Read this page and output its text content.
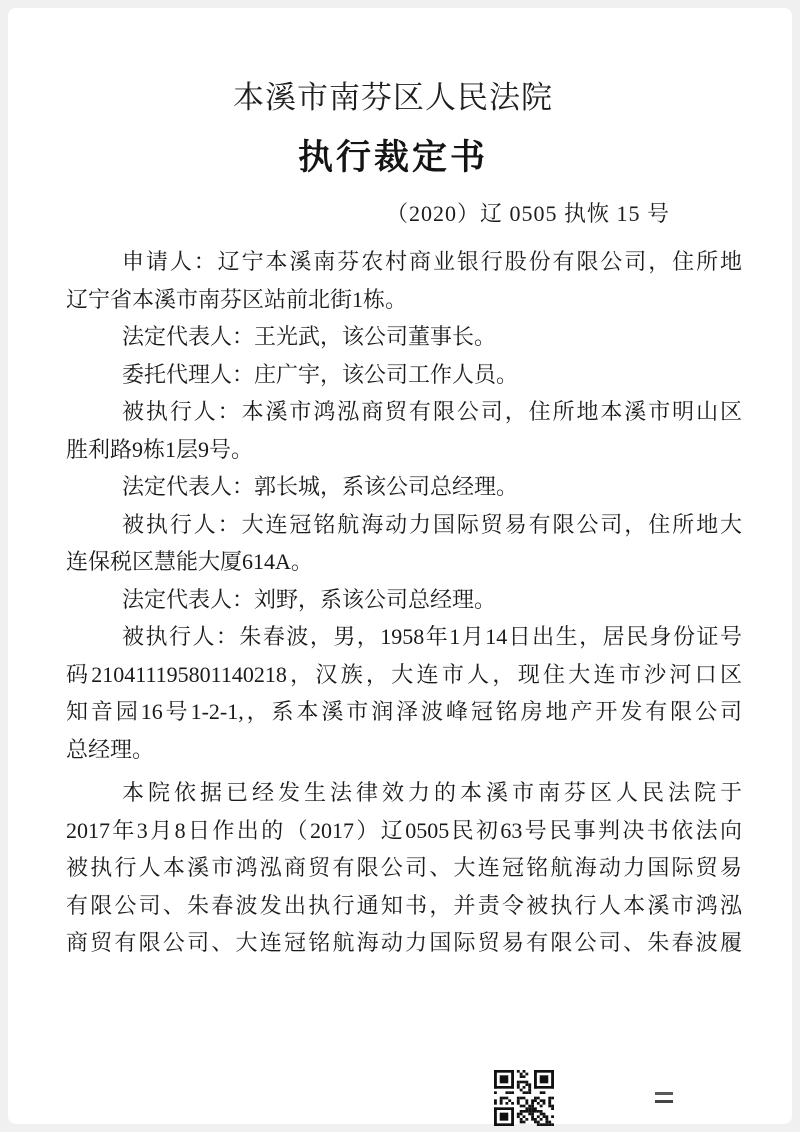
本溪市南芬区人民法院
执行裁定书
（2020）辽 0505 执恢 15 号
申请人：辽宁本溪南芬农村商业银行股份有限公司，住所地
辽宁省本溪市南芬区站前北街1栋。
法定代表人：王光武，该公司董事长。
委托代理人：庄广宇，该公司工作人员。
被执行人：本溪市鸿泓商贸有限公司，住所地本溪市明山区
胜利路9栋1层9号。
法定代表人：郭长城，系该公司总经理。
被执行人：大连冠铭航海动力国际贸易有限公司，住所地大
连保税区慧能大厦614A。
法定代表人：刘野，系该公司总经理。
被执行人：朱春波，男，1958年1月14日出生，居民身份证号
码210411195801140218，汉族，大连市人，现住大连市沙河口区
知音园16号1-2-1,，系本溪市润泽波峰冠铭房地产开发有限公司
总经理。
本院依据已经发生法律效力的本溪市南芬区人民法院于
2017年3月8日作出的（2017）辽0505民初63号民事判决书依法向
被执行人本溪市鸿泓商贸有限公司、大连冠铭航海动力国际贸易
有限公司、朱春波发出执行通知书，并责令被执行人本溪市鸿泓
商贸有限公司、大连冠铭航海动力国际贸易有限公司、朱春波履
